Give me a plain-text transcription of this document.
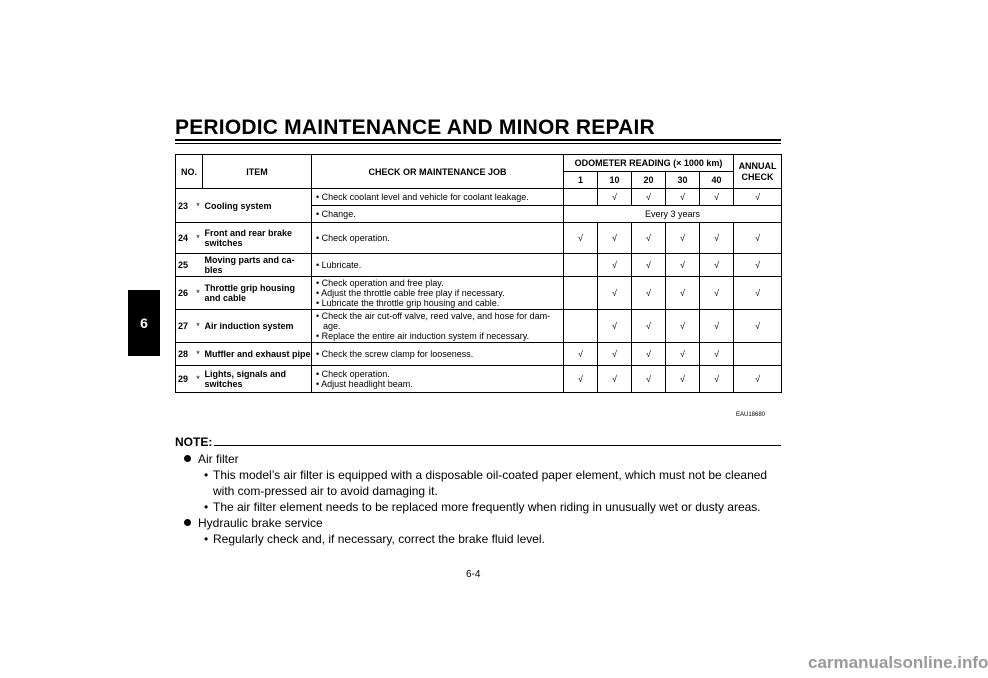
PERIODIC MAINTENANCE AND MINOR REPAIR
6
NO.		ITEM	CHECK OR MAINTENANCE JOB	ODOMETER READING (× 1000 km)					ANNUAL CHECK
				1	10	20	30	40	
23	*	Cooling system	• Check coolant level and vehicle for coolant leakage.		√	√	√	√	√

			• Change.	Every 3 years					
24	*	Front and rear brake switches	• Check operation.	√	√	√	√	√	√
25		Moving parts and ca-bles	• Lubricate.		√	√	√	√	√
26	*	Throttle grip housing and cable	• Check operation and free play.
• Adjust the throttle cable free play if necessary.
• Lubricate the throttle grip housing and cable.		√	√	√	√	√
27	*	Air induction system	• Check the air cut-off valve, reed valve, and hose for dam-
age.
• Replace the entire air induction system if necessary.		√	√	√	√	√
28	*	Muffler and exhaust pipe	• Check the screw clamp for looseness.	√	√	√	√	√	
29	*	Lights, signals and switches	• Check operation.
• Adjust headlight beam.	√	√	√	√	√	√
EAU18680
NOTE:
Air filter
• This model’s air filter is equipped with a disposable oil-coated paper element, which must not be cleaned with com-pressed air to avoid damaging it.
• The air filter element needs to be replaced more frequently when riding in unusually wet or dusty areas.
Hydraulic brake service
• Regularly check and, if necessary, correct the brake fluid level.
6-4
carmanualsonline.info
